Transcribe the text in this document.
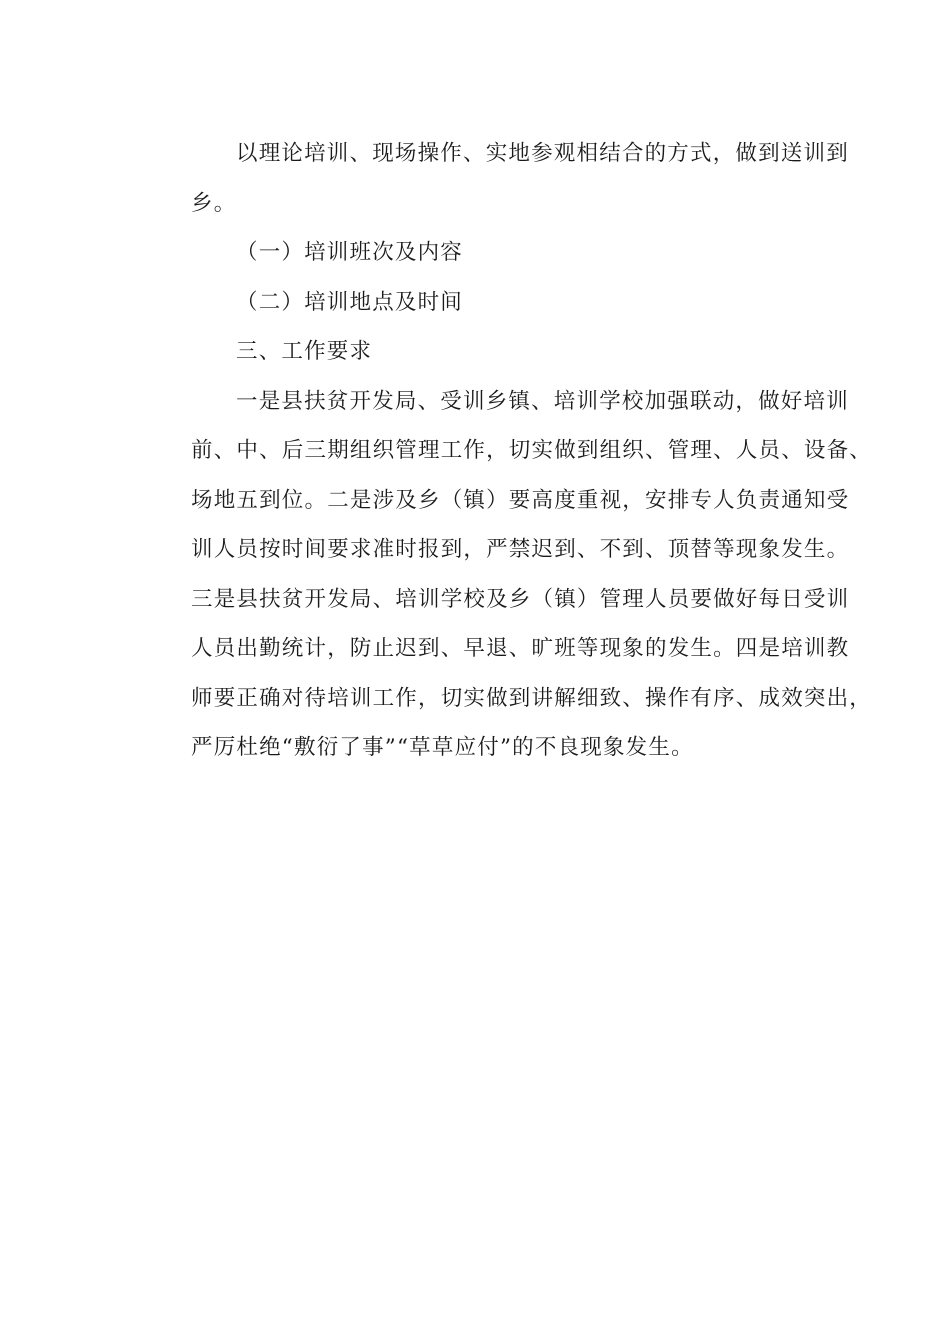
以理论培训、现场操作、实地参观相结合的方式，做到送训到
乡。
（一）培训班次及内容
（二）培训地点及时间
三、工作要求
一是县扶贫开发局、受训乡镇、培训学校加强联动，做好培训
前、中、后三期组织管理工作，切实做到组织、管理、人员、设备、
场地五到位。二是涉及乡（镇）要高度重视，安排专人负责通知受
训人员按时间要求准时报到，严禁迟到、不到、顶替等现象发生。
三是县扶贫开发局、培训学校及乡（镇）管理人员要做好每日受训
人员出勤统计，防止迟到、早退、旷班等现象的发生。四是培训教
师要正确对待培训工作，切实做到讲解细致、操作有序、成效突出，
严厉杜绝“敷衍了事”“草草应付”的不良现象发生。
